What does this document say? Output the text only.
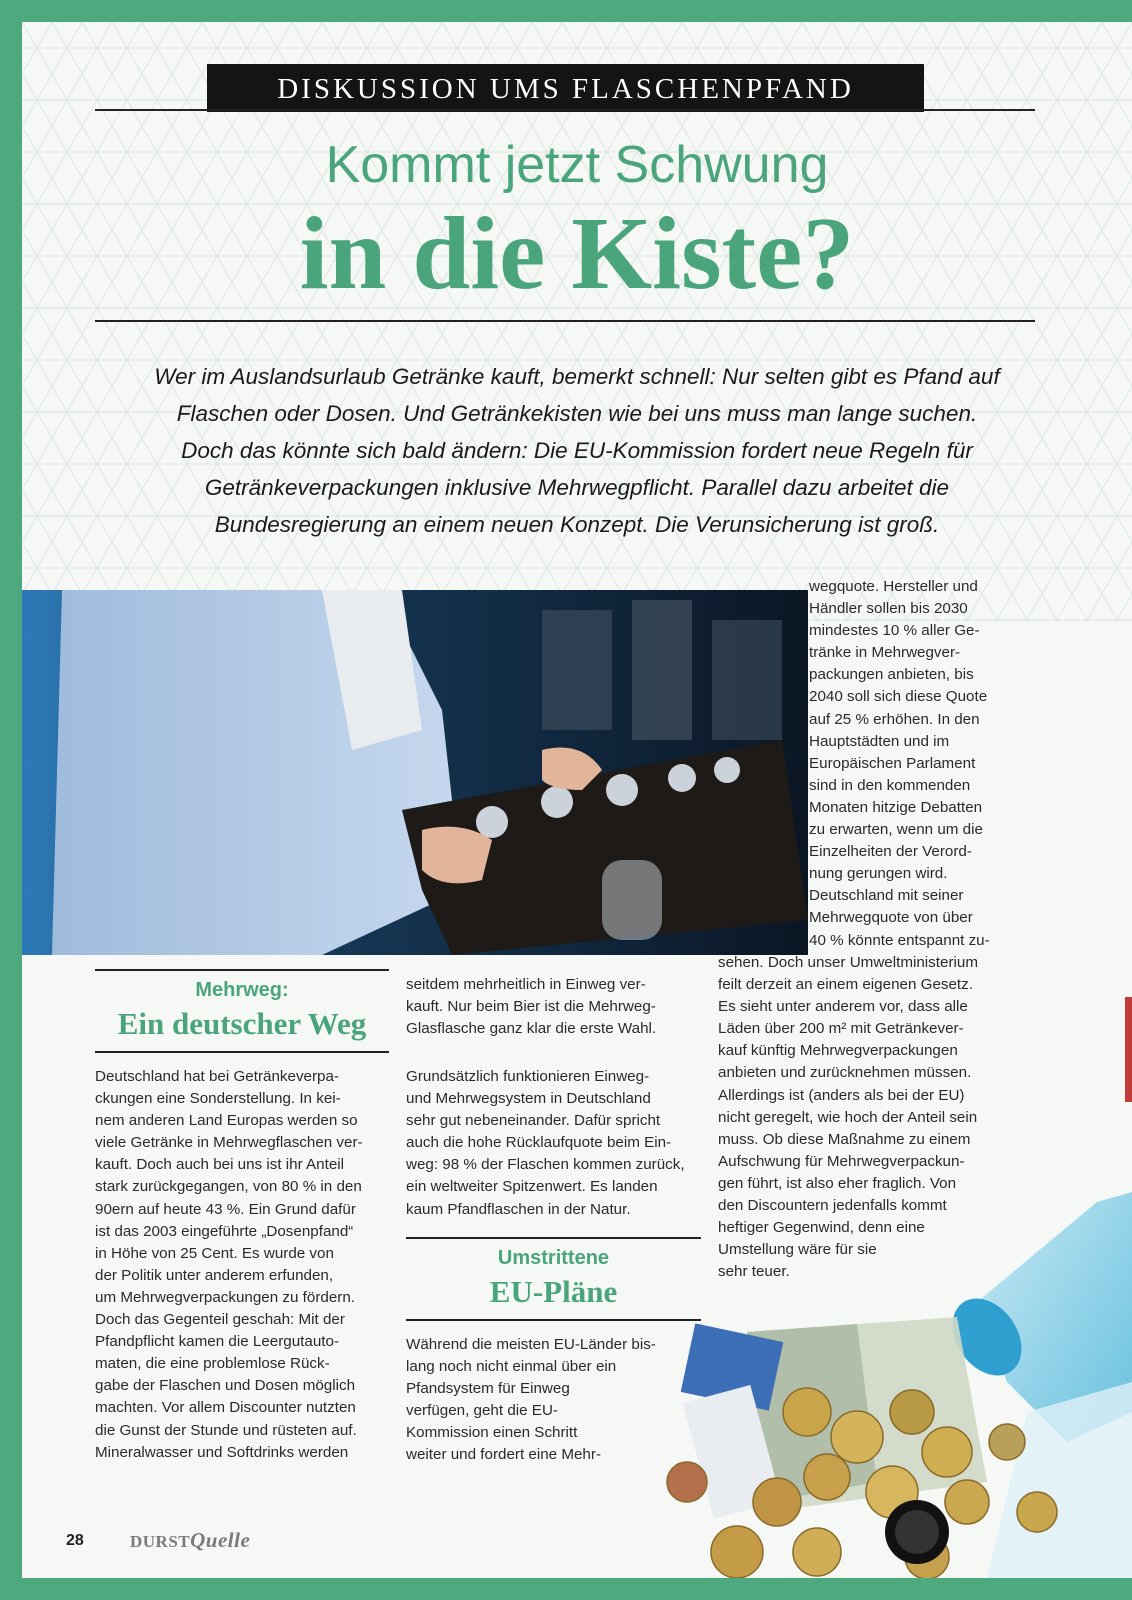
DISKUSSION UMS FLASCHENPFAND
Kommt jetzt Schwung
in die Kiste?
Wer im Auslandsurlaub Getränke kauft, bemerkt schnell: Nur selten gibt es Pfand auf
Flaschen oder Dosen. Und Getränkekisten wie bei uns muss man lange suchen.
Doch das könnte sich bald ändern: Die EU-Kommission fordert neue Regeln für
Getränkeverpackungen inklusive Mehrwegpflicht. Parallel dazu arbeitet die
Bundesregierung an einem neuen Konzept. Die Verunsicherung ist groß.
Mehrweg:
Ein deutscher Weg
Deutschland hat bei Getränkeverpa-
ckungen eine Sonderstellung. In kei-
nem anderen Land Europas werden so
viele Getränke in Mehrwegflaschen ver-
kauft. Doch auch bei uns ist ihr Anteil
stark zurückgegangen, von 80 % in den
90ern auf heute 43 %. Ein Grund dafür
ist das 2003 eingeführte „Dosenpfand“
in Höhe von 25 Cent. Es wurde von
der Politik unter anderem erfunden,
um Mehrwegverpackungen zu fördern.
Doch das Gegenteil geschah: Mit der
Pfandpflicht kamen die Leergutauto-
maten, die eine problemlose Rück-
gabe der Flaschen und Dosen möglich
machten. Vor allem Discounter nutzten
die Gunst der Stunde und rüsteten auf.
Mineralwasser und Softdrinks werden
seitdem mehrheitlich in Einweg ver-
kauft. Nur beim Bier ist die Mehrweg-
Glasflasche ganz klar die erste Wahl.
Grundsätzlich funktionieren Einweg-
und Mehrwegsystem in Deutschland
sehr gut nebeneinander. Dafür spricht
auch die hohe Rücklaufquote beim Ein-
weg: 98 % der Flaschen kommen zurück,
ein weltweiter Spitzenwert. Es landen
kaum Pfandflaschen in der Natur.
Umstrittene
EU-Pläne
Während die meisten EU-Länder bis-
lang noch nicht einmal über ein
Pfandsystem für Einweg
verfügen, geht die EU-
Kommission einen Schritt
weiter und fordert eine Mehr-
wegquote. Hersteller und
Händler sollen bis 2030
mindestes 10 % aller Ge-
tränke in Mehrwegver-
packungen anbieten, bis
2040 soll sich diese Quote
auf 25 % erhöhen. In den
Hauptstädten und im
Europäischen Parlament
sind in den kommenden
Monaten hitzige Debatten
zu erwarten, wenn um die
Einzelheiten der Verord-
nung gerungen wird.
Deutschland mit seiner
Mehrwegquote von über
40 % könnte entspannt zu-
sehen. Doch unser Umweltministerium
feilt derzeit an einem eigenen Gesetz.
Es sieht unter anderem vor, dass alle
Läden über 200 m² mit Getränkever-
kauf künftig Mehrwegverpackungen
anbieten und zurücknehmen müssen.
Allerdings ist (anders als bei der EU)
nicht geregelt, wie hoch der Anteil sein
muss. Ob diese Maßnahme zu einem
Aufschwung für Mehrwegverpackun-
gen führt, ist also eher fraglich. Von
den Discountern jedenfalls kommt
heftiger Gegenwind, denn eine
Umstellung wäre für sie
sehr teuer.
28	DURSTQuelle
